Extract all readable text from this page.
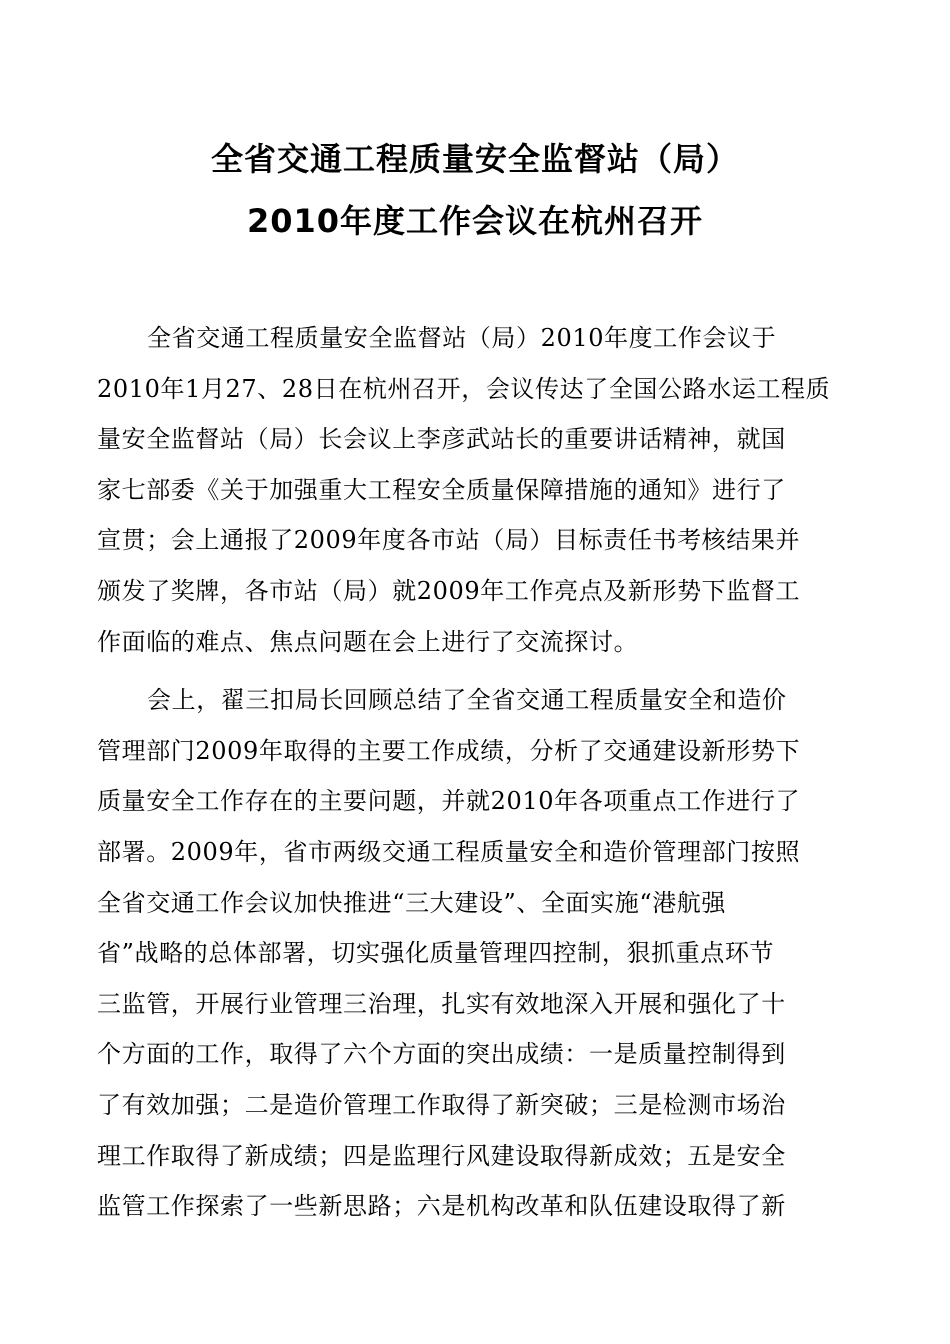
全省交通工程质量安全监督站（局）
2010年度工作会议在杭州召开
全省交通工程质量安全监督站（局）2010年度工作会议于
2010年1月27、28日在杭州召开，会议传达了全国公路水运工程质
量安全监督站（局）长会议上李彦武站长的重要讲话精神，就国
家七部委《关于加强重大工程安全质量保障措施的通知》进行了
宣贯；会上通报了2009年度各市站（局）目标责任书考核结果并
颁发了奖牌，各市站（局）就2009年工作亮点及新形势下监督工
作面临的难点、焦点问题在会上进行了交流探讨。
会上，翟三扣局长回顾总结了全省交通工程质量安全和造价
管理部门2009年取得的主要工作成绩，分析了交通建设新形势下
质量安全工作存在的主要问题，并就2010年各项重点工作进行了
部署。2009年，省市两级交通工程质量安全和造价管理部门按照
全省交通工作会议加快推进“三大建设”、全面实施“港航强
省”战略的总体部署，切实强化质量管理四控制，狠抓重点环节
三监管，开展行业管理三治理，扎实有效地深入开展和强化了十
个方面的工作，取得了六个方面的突出成绩：一是质量控制得到
了有效加强；二是造价管理工作取得了新突破；三是检测市场治
理工作取得了新成绩；四是监理行风建设取得新成效；五是安全
监管工作探索了一些新思路；六是机构改革和队伍建设取得了新
